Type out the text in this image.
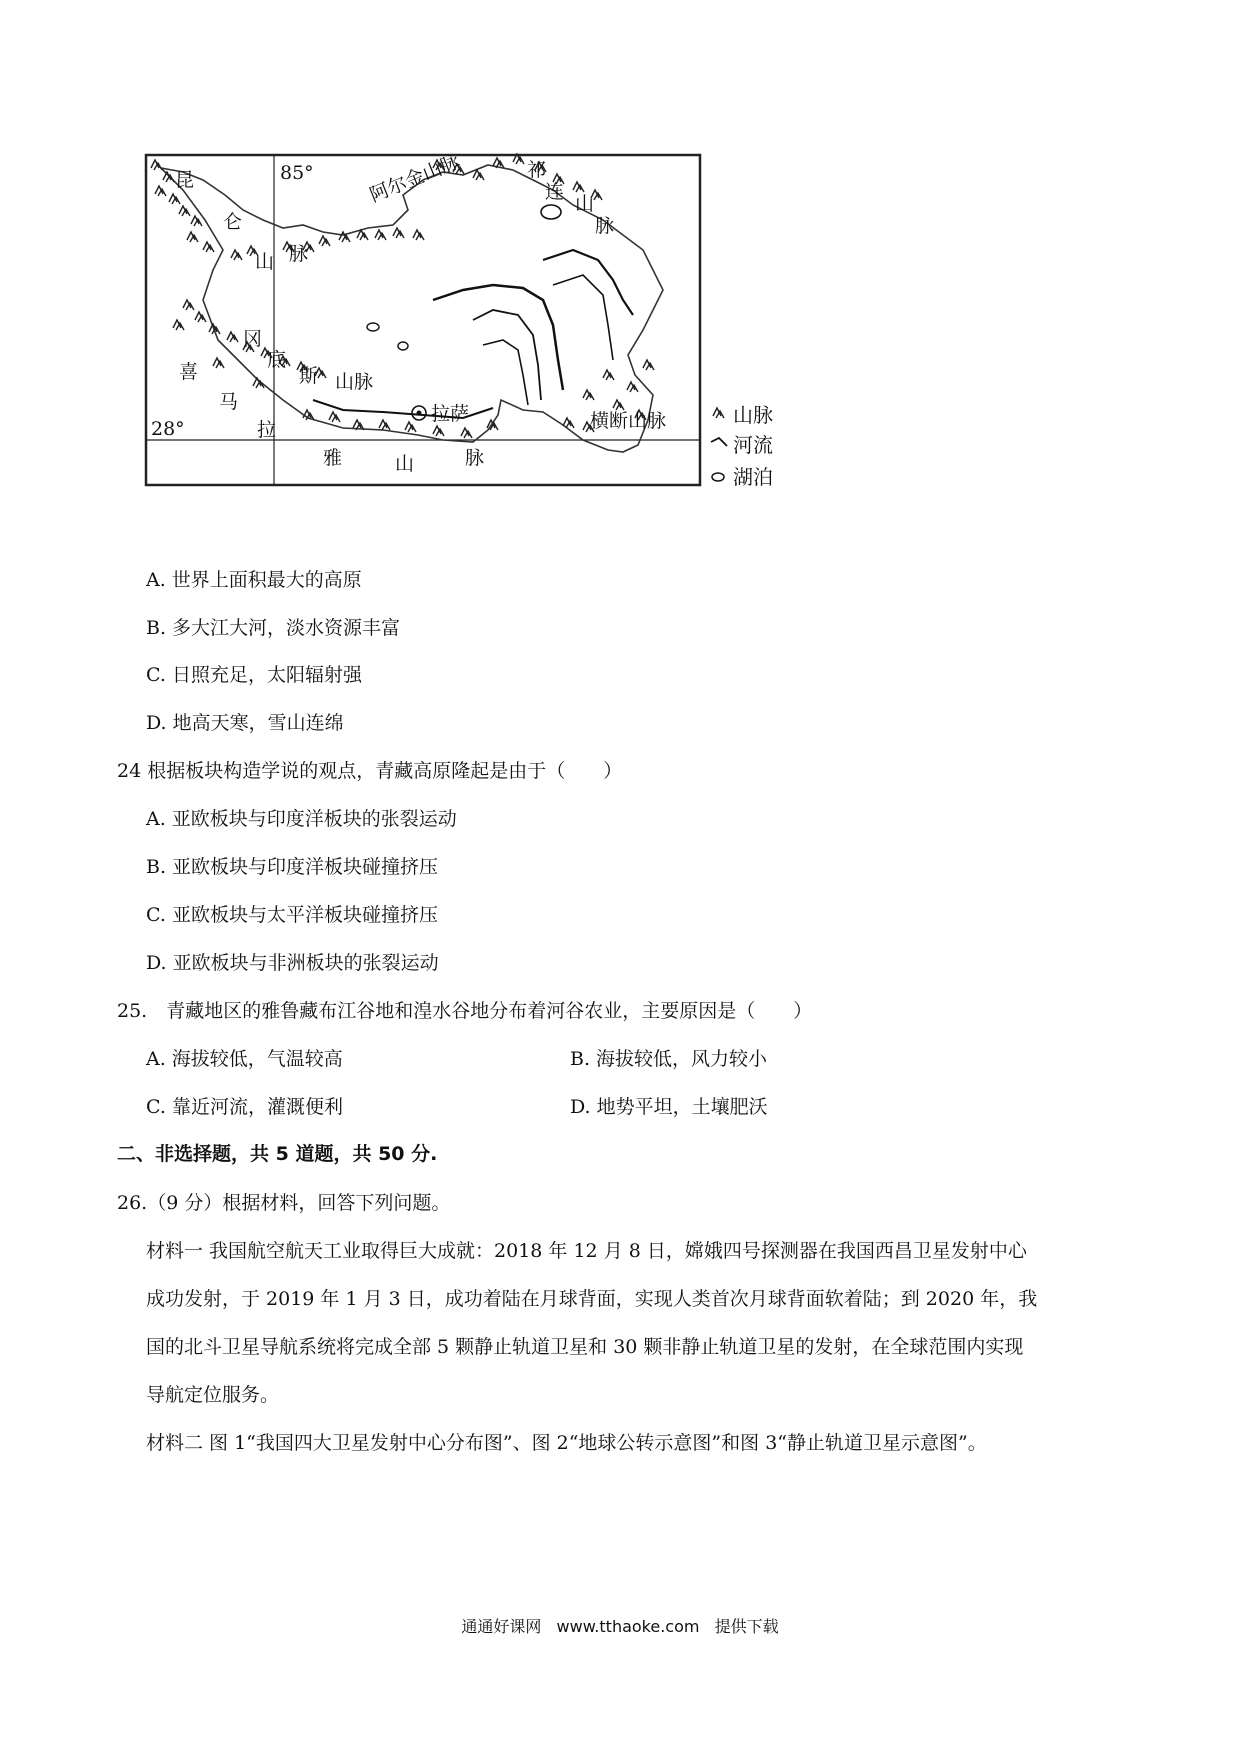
85°
28°
昆
仑
山 脉
阿尔金山脉	祁
连
山
脉
冈
底
斯 山脉
喜
马
拉
雅	山	脉
横断山脉
拉萨	山脉
河流
湖泊
A. 世界上面积最大的高原
B. 多大江大河，淡水资源丰富
C. 日照充足，太阳辐射强
D. 地高天寒，雪山连绵
24 根据板块构造学说的观点，青藏高原隆起是由于（　　）
A. 亚欧板块与印度洋板块的张裂运动
B. 亚欧板块与印度洋板块碰撞挤压
C. 亚欧板块与太平洋板块碰撞挤压
D. 亚欧板块与非洲板块的张裂运动
25.　青藏地区的雅鲁藏布江谷地和湟水谷地分布着河谷农业，主要原因是（　　）
A. 海拔较低，气温较高	B. 海拔较低，风力较小
C. 靠近河流，灌溉便利	D. 地势平坦，土壤肥沃
二、非选择题，共 5 道题，共 50 分.
26.（9 分）根据材料，回答下列问题。
材料一 我国航空航天工业取得巨大成就：2018 年 12 月 8 日，嫦娥四号探测器在我国西昌卫星发射中心
成功发射，于 2019 年 1 月 3 日，成功着陆在月球背面，实现人类首次月球背面软着陆；到 2020 年，我
国的北斗卫星导航系统将完成全部 5 颗静止轨道卫星和 30 颗非静止轨道卫星的发射，在全球范围内实现
导航定位服务。
材料二 图 1“我国四大卫星发射中心分布图”、图 2“地球公转示意图”和图 3“静止轨道卫星示意图”。
通通好课网 www.tthaoke.com 提供下载
